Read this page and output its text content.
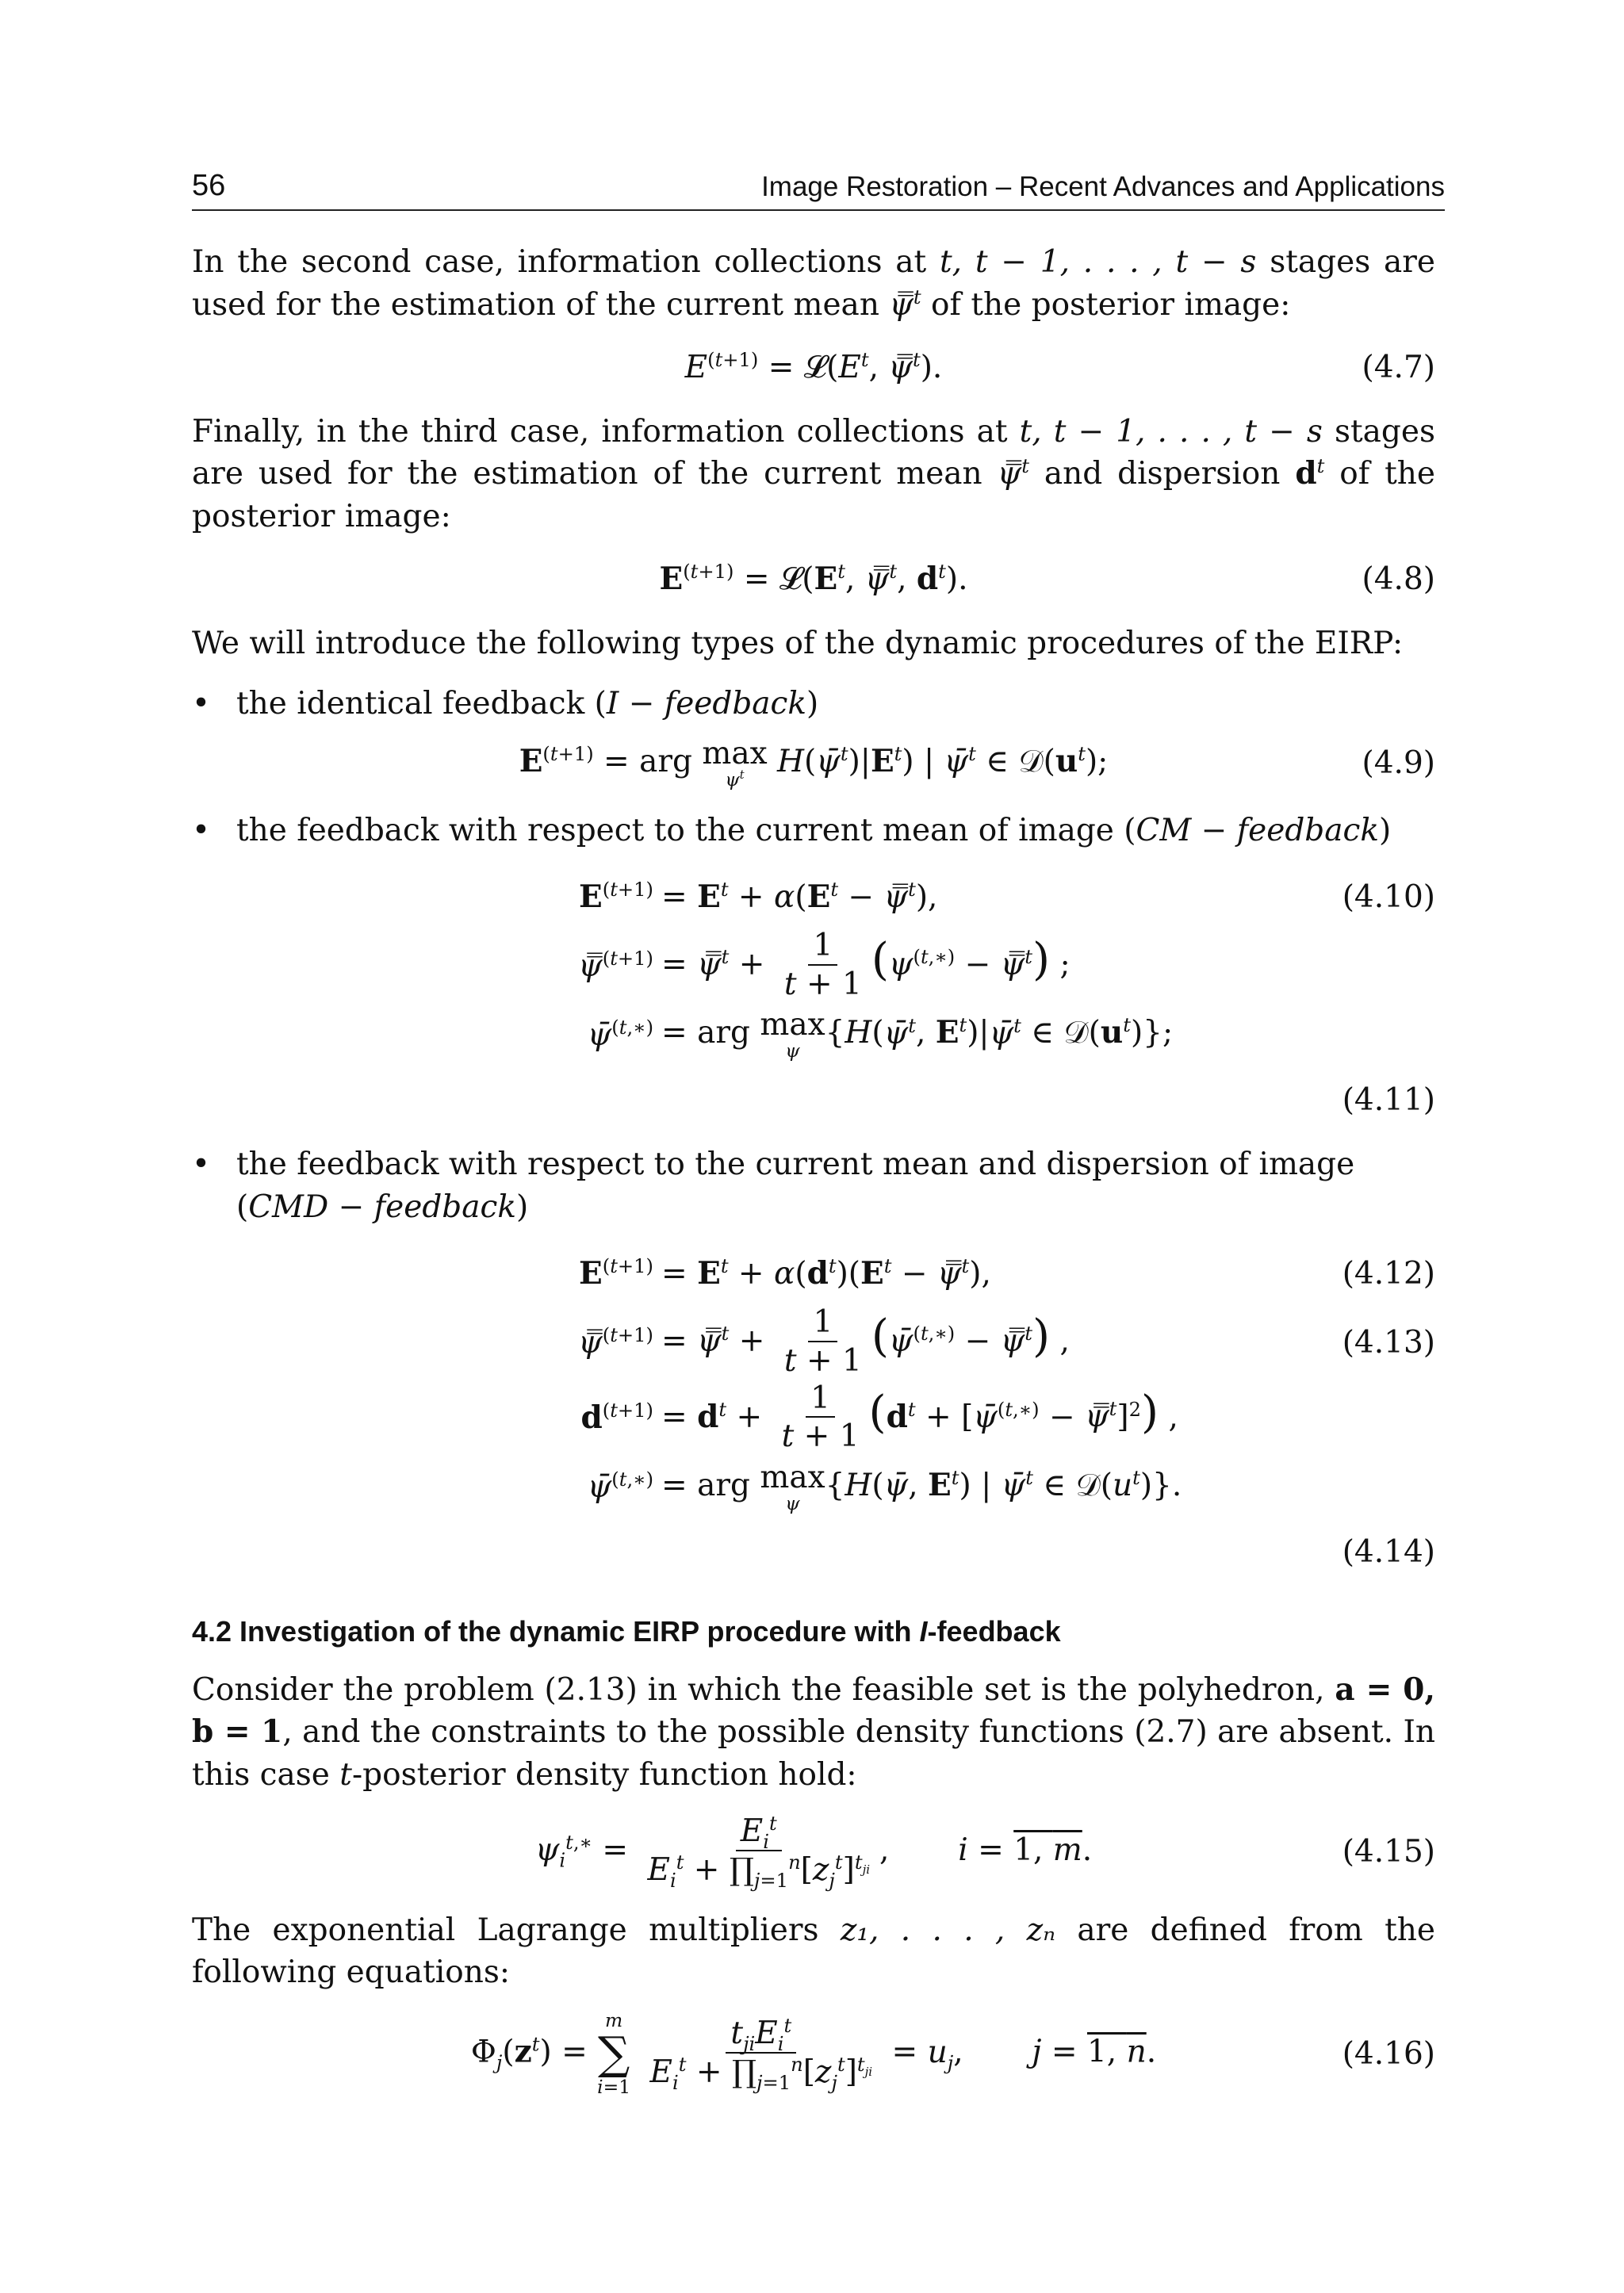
56	Image Restoration – Recent Advances and Applications

In the second case, information collections at t, t − 1, . . . , t − s stages are used for the estimation of the current mean ψ̿$^t$ of the posterior image:

$E^{(t+1)}$ = $𝓛(E^t$, ψ̿$^t$).	(4.7)

Finally, in the third case, information collections at t, t − 1, . . . , t − s stages are used for the estimation of the current mean ψ̿$^t$ and dispersion $d^t$ of the posterior image:

$E^{(t+1)}$ = $𝓛(E^t$, ψ̿$^t$, $d^t$).	(4.8)

We will introduce the following types of the dynamic procedures of the EIRP:

• the identical feedback (I − feedback)
$E^{(t+1)}$ = arg max
$\psi^t$ $H(\psī^t)|E^t$) | ψ̄$^t$ ∈ $𝒟(u^t)$;	(4.9)
• the feedback with respect to the current mean of image (CM − feedback)
$E^{(t+1)} = E^t + \alpha(E^t$ − ψ̿$^t$),	(4.10)
ψ̿$^{(t+1)}$ = ψ̿$^t$ + $\frac{1}{t + 1} (\psi^{(t,∗)}$ − ψ̿$^t$) ;
ψ̄$^{(t,∗)}$ = arg max
ψ {H(ψ̄$^t$, $E^t)|\psī^t$ ∈ $𝒟(u^t)$};
(4.11)
• the feedback with respect to the current mean and dispersion of image (CMD − feedback)
$E^{(t+1)} = E^t + \alpha(d^t)(E^t$ − ψ̿$^t$),	(4.12)
ψ̿$^{(t+1)}$ = ψ̿$^t$ + $\frac{1}{t + 1}$ (ψ̄$^{(t,∗)}$ − ψ̿$^t$) ,	(4.13)
$d^{(t+1)} = d^t + \frac{1}{t + 1} (d^t$ + [ψ̄$^{(t,∗)}$ − ψ̿$^t$]$^2$) ,
ψ̄$^{(t,∗)}$ = arg max
ψ {H(ψ̄, $E^t$) | ψ̄$^t$ ∈ $𝒟(u^t)$}.
(4.14)
4.2 Investigation of the dynamic EIRP procedure with I-feedback

Consider the problem (2.13) in which the feasible set is the polyhedron, a = 0, b = 1, and the constraints to the possible density functions (2.7) are absent. In this case t-posterior density function hold:

$\psi_i^{t,∗} = \frac{E_i^t}{E_i^t + \prod_{j=1}^n[z_j^t]^{t_{ji}}}$ ,       i = 1, m.	(4.15)

The exponential Lagrange multipliers z₁, . . . , zₙ are defined from the following equations:

$\Phi_j(z^t)$ =
m
∑
i=1
$\frac{t_{ji}E_i^t}{E_i^t + \prod_{j=1}^n[z_j^t]^{t_{ji}}} = u_j$,       j = 1, n.	(4.16)
